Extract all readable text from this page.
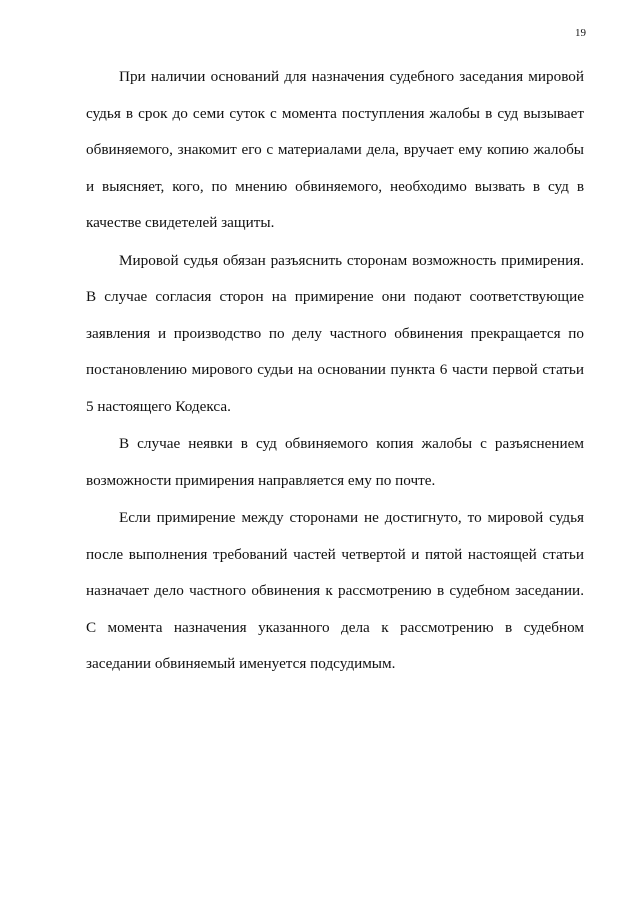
19

При наличии оснований для назначения судебного заседания мировой судья в срок до семи суток с момента поступления жалобы в суд вызывает обвиняемого, знакомит его с материалами дела, вручает ему копию жалобы и выясняет, кого, по мнению обвиняемого, необходимо вызвать в суд в качестве свидетелей защиты.

Мировой судья обязан разъяснить сторонам возможность примирения. В случае согласия сторон на примирение они подают соответствующие заявления и производство по делу частного обвинения прекращается по постановлению мирового судьи на основании пункта 6 части первой статьи 5 настоящего Кодекса.

В случае неявки в суд обвиняемого копия жалобы с разъяснением возможности примирения направляется ему по почте.

Если примирение между сторонами не достигнуто, то мировой судья после выполнения требований частей четвертой и пятой настоящей статьи назначает дело частного обвинения к рассмотрению в судебном заседании. С момента назначения указанного дела к рассмотрению в судебном заседании обвиняемый именуется подсудимым.
